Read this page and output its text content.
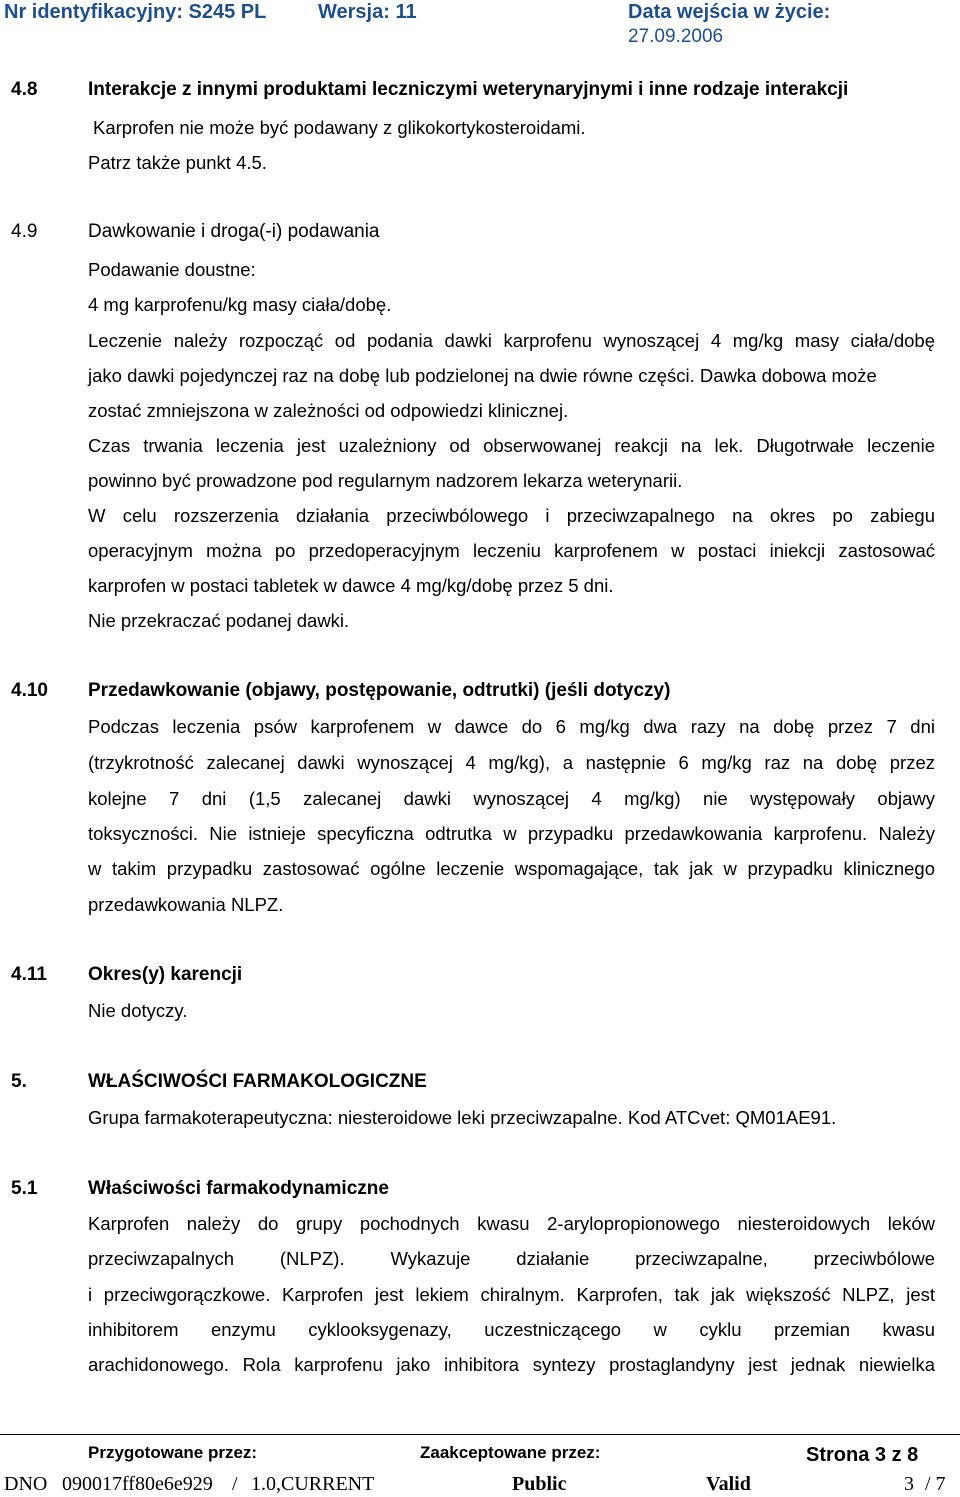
Nr identyfikacyjny: S245 PL	Wersja: 11	Data wejścia w życie:
27.09.2006
4.8	Interakcje z innymi produktami leczniczymi weterynaryjnymi i inne rodzaje interakcji
Karprofen nie może być podawany z glikokortykosteroidami.
Patrz także punkt 4.5.
4.9	Dawkowanie i droga(-i) podawania
Podawanie doustne:
4 mg karprofenu/kg masy ciała/dobę.
Leczenie należy rozpocząć od podania dawki karprofenu wynoszącej 4 mg/kg masy ciała/dobę
jako dawki pojedynczej raz na dobę lub podzielonej na dwie równe części. Dawka dobowa może
zostać zmniejszona w zależności od odpowiedzi klinicznej.
Czas trwania leczenia jest uzależniony od obserwowanej reakcji na lek. Długotrwałe leczenie
powinno być prowadzone pod regularnym nadzorem lekarza weterynarii.
W celu rozszerzenia działania przeciwbólowego i przeciwzapalnego na okres po zabiegu
operacyjnym można po przedoperacyjnym leczeniu karprofenem w postaci iniekcji zastosować
karprofen w postaci tabletek w dawce 4 mg/kg/dobę przez 5 dni.
Nie przekraczać podanej dawki.
4.10 Przedawkowanie (objawy, postępowanie, odtrutki) (jeśli dotyczy)
Podczas leczenia psów karprofenem w dawce do 6 mg/kg dwa razy na dobę przez 7 dni
(trzykrotność zalecanej dawki wynoszącej 4 mg/kg), a następnie 6 mg/kg raz na dobę przez
kolejne 7 dni (1,5 zalecanej dawki wynoszącej 4 mg/kg) nie występowały objawy
toksyczności. Nie istnieje specyficzna odtrutka w przypadku przedawkowania karprofenu. Należy
w takim przypadku zastosować ogólne leczenie wspomagające, tak jak w przypadku klinicznego
przedawkowania NLPZ.
4.11 Okres(y) karencji
Nie dotyczy.
5.	WŁAŚCIWOŚCI FARMAKOLOGICZNE
Grupa farmakoterapeutyczna: niesteroidowe leki przeciwzapalne. Kod ATCvet: QM01AE91.
5.1	Właściwości farmakodynamiczne
Karprofen należy do grupy pochodnych kwasu 2-arylopropionowego niesteroidowych leków
przeciwzapalnych (NLPZ). Wykazuje działanie przeciwzapalne, przeciwbólowe
i przeciwgorączkowe. Karprofen jest lekiem chiralnym. Karprofen, tak jak większość NLPZ, jest
inhibitorem enzymu cyklooksygenazy, uczestniczącego w cyklu przemian kwasu
arachidonowego. Rola karprofenu jako inhibitora syntezy prostaglandyny jest jednak niewielka
Przygotowane przez:	Zaakceptowane przez:	Strona 3 z 8
DNO 090017ff80e6e929 / 1.0,CURRENT	Public	Valid	3 / 7
